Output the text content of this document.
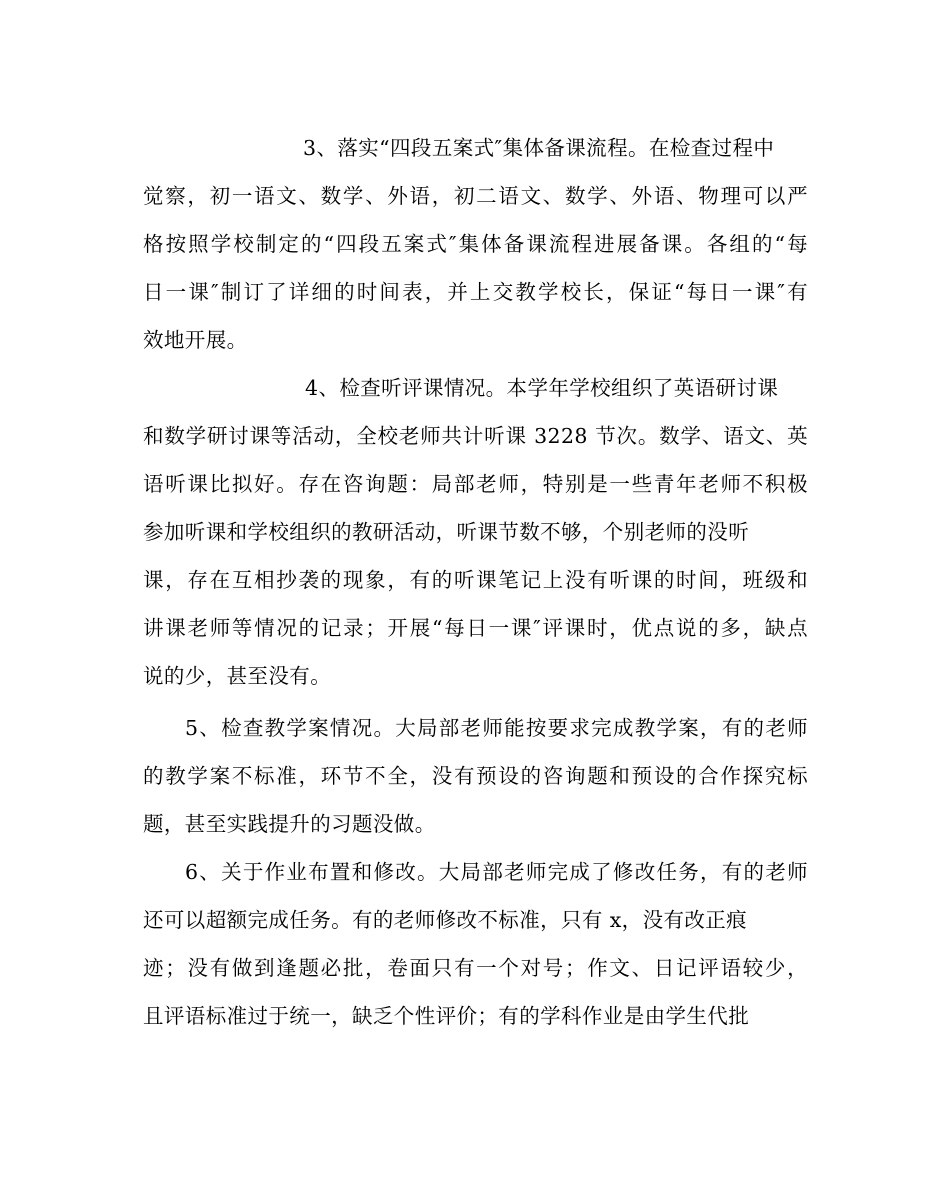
3、落实“四段五案式″集体备课流程。在检查过程中
觉察，初一语文、数学、外语，初二语文、数学、外语、物理可以严
格按照学校制定的“四段五案式″集体备课流程进展备课。各组的“每
日一课″制订了详细的时间表，并上交教学校长，保证“每日一课″有
效地开展。
4、检查听评课情况。本学年学校组织了英语研讨课
和数学研讨课等活动，全校老师共计听课 3228 节次。数学、语文、英
语听课比拟好。存在咨询题：局部老师，特别是一些青年老师不积极
参加听课和学校组织的教研活动，听课节数不够，个别老师的没听
课，存在互相抄袭的现象，有的听课笔记上没有听课的时间，班级和
讲课老师等情况的记录；开展“每日一课″评课时，优点说的多，缺点
说的少，甚至没有。
5、检查教学案情况。大局部老师能按要求完成教学案，有的老师
的教学案不标准，环节不全，没有预设的咨询题和预设的合作探究标
题，甚至实践提升的习题没做。
6、关于作业布置和修改。大局部老师完成了修改任务，有的老师
还可以超额完成任务。有的老师修改不标准，只有 x，没有改正痕
迹；没有做到逢题必批，卷面只有一个对号；作文、日记评语较少，
且评语标准过于统一，缺乏个性评价；有的学科作业是由学生代批
